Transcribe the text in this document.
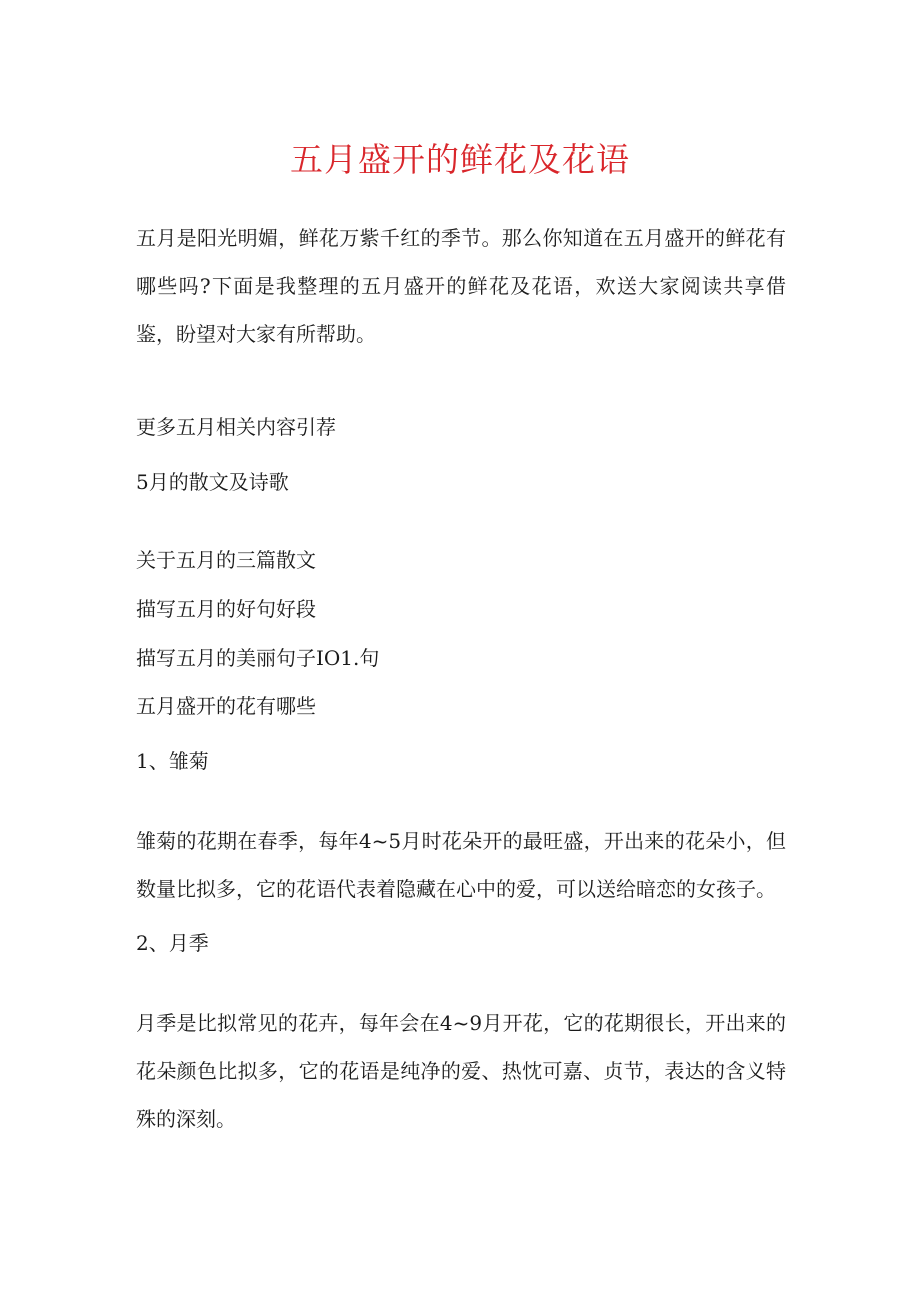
五月盛开的鲜花及花语

五月是阳光明媚，鲜花万紫千红的季节。那么你知道在五月盛开的鲜花有哪些吗?下面是我整理的五月盛开的鲜花及花语，欢送大家阅读共享借鉴，盼望对大家有所帮助。

更多五月相关内容引荐

5月的散文及诗歌

关于五月的三篇散文

描写五月的好句好段

描写五月的美丽句子IO1.句

五月盛开的花有哪些

1、雏菊

雏菊的花期在春季，每年4~5月时花朵开的最旺盛，开出来的花朵小，但数量比拟多，它的花语代表着隐藏在心中的爱，可以送给暗恋的女孩子。

2、月季

月季是比拟常见的花卉，每年会在4~9月开花，它的花期很长，开出来的花朵颜色比拟多，它的花语是纯净的爱、热忱可嘉、贞节，表达的含义特殊的深刻。
